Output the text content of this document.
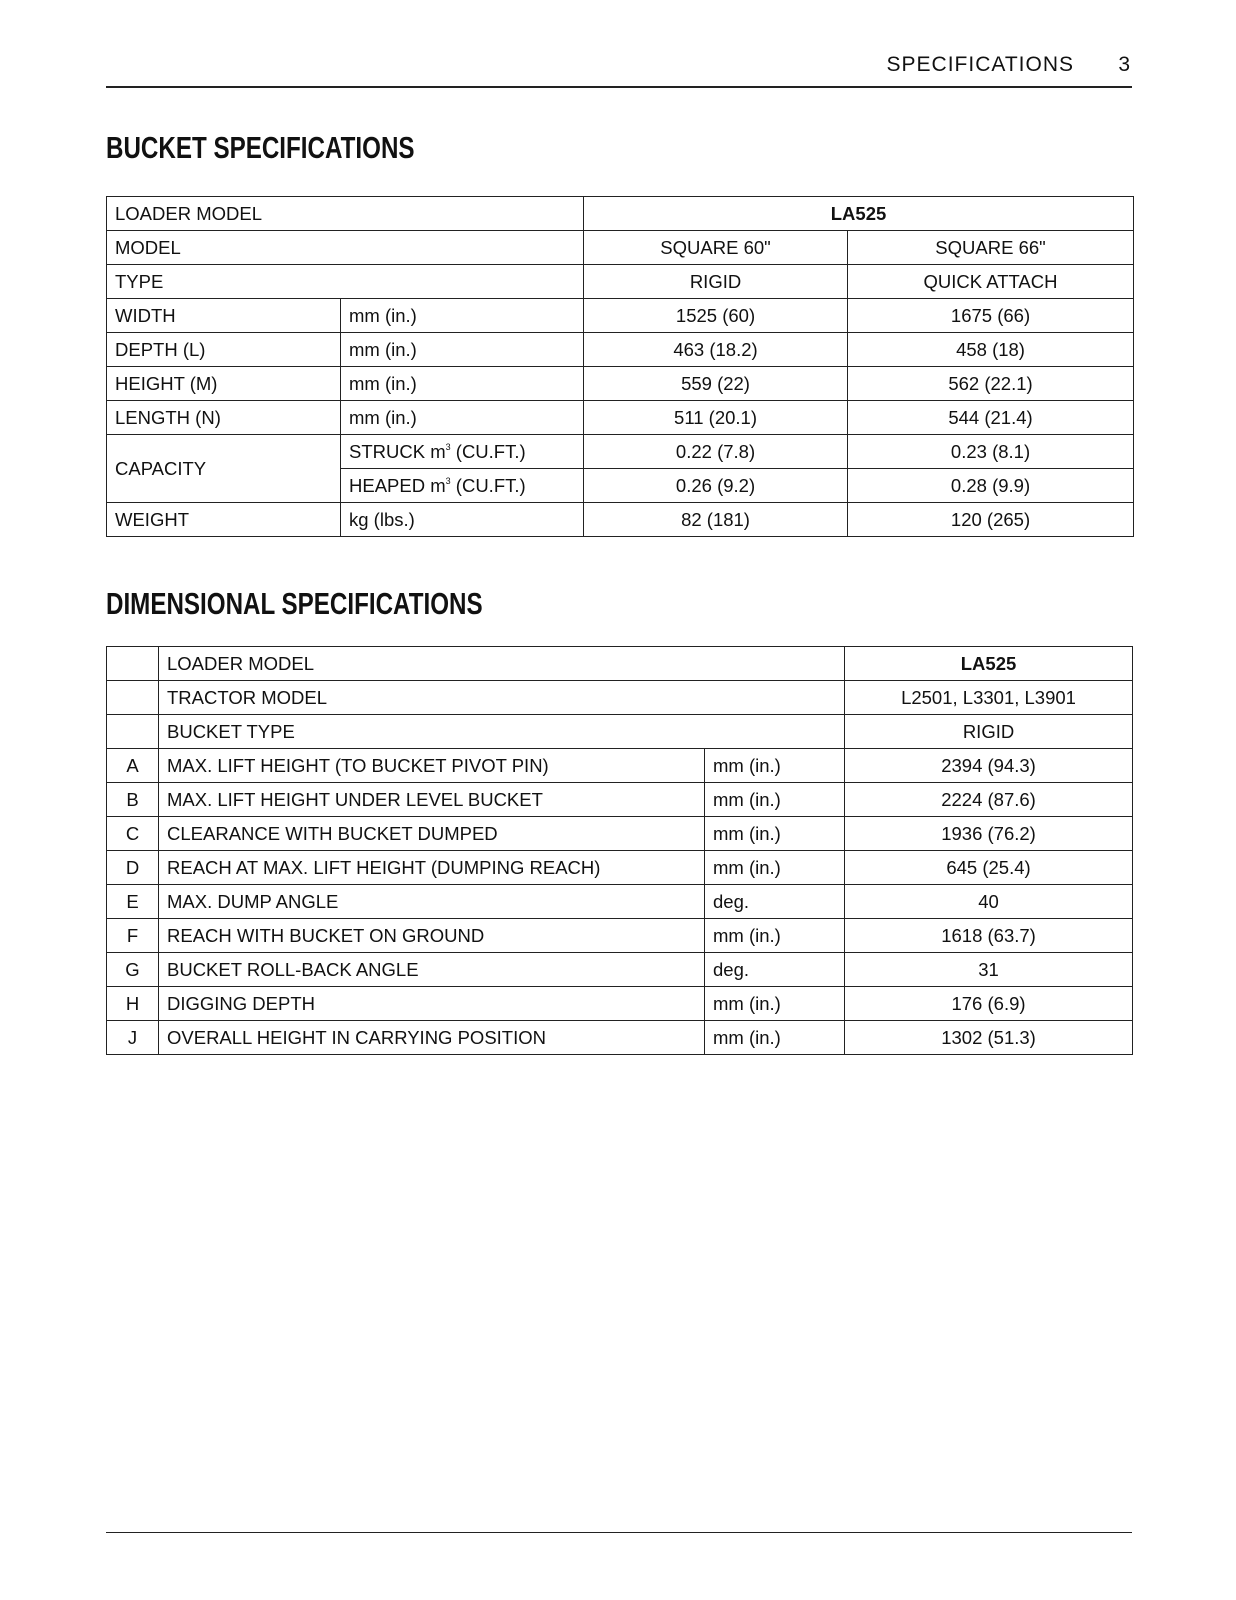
SPECIFICATIONS 3
BUCKET SPECIFICATIONS
LOADER MODEL		LA525	
MODEL		SQUARE 60"	SQUARE 66"
TYPE		RIGID	QUICK ATTACH
WIDTH	mm (in.)	1525 (60)	1675 (66)
DEPTH (L)	mm (in.)	463 (18.2)	458 (18)
HEIGHT (M)	mm (in.)	559 (22)	562 (22.1)
LENGTH (N)	mm (in.)	511 (20.1)	544 (21.4)
CAPACITY	STRUCK $m^3$ (CU.FT.)	0.22 (7.8)	0.23 (8.1)
	HEAPED $m^3$ (CU.FT.)	0.26 (9.2)	0.28 (9.9)
WEIGHT	kg (lbs.)	82 (181)	120 (265)
DIMENSIONAL SPECIFICATIONS
	LOADER MODEL		LA525
	TRACTOR MODEL		L2501, L3301, L3901
	BUCKET TYPE		RIGID
A	MAX. LIFT HEIGHT (TO BUCKET PIVOT PIN)	mm (in.)	2394 (94.3)
B	MAX. LIFT HEIGHT UNDER LEVEL BUCKET	mm (in.)	2224 (87.6)
C	CLEARANCE WITH BUCKET DUMPED	mm (in.)	1936 (76.2)
D	REACH AT MAX. LIFT HEIGHT (DUMPING REACH)	mm (in.)	645 (25.4)
E	MAX. DUMP ANGLE	deg.	40
F	REACH WITH BUCKET ON GROUND	mm (in.)	1618 (63.7)
G	BUCKET ROLL-BACK ANGLE	deg.	31
H	DIGGING DEPTH	mm (in.)	176 (6.9)
J	OVERALL HEIGHT IN CARRYING POSITION	mm (in.)	1302 (51.3)
